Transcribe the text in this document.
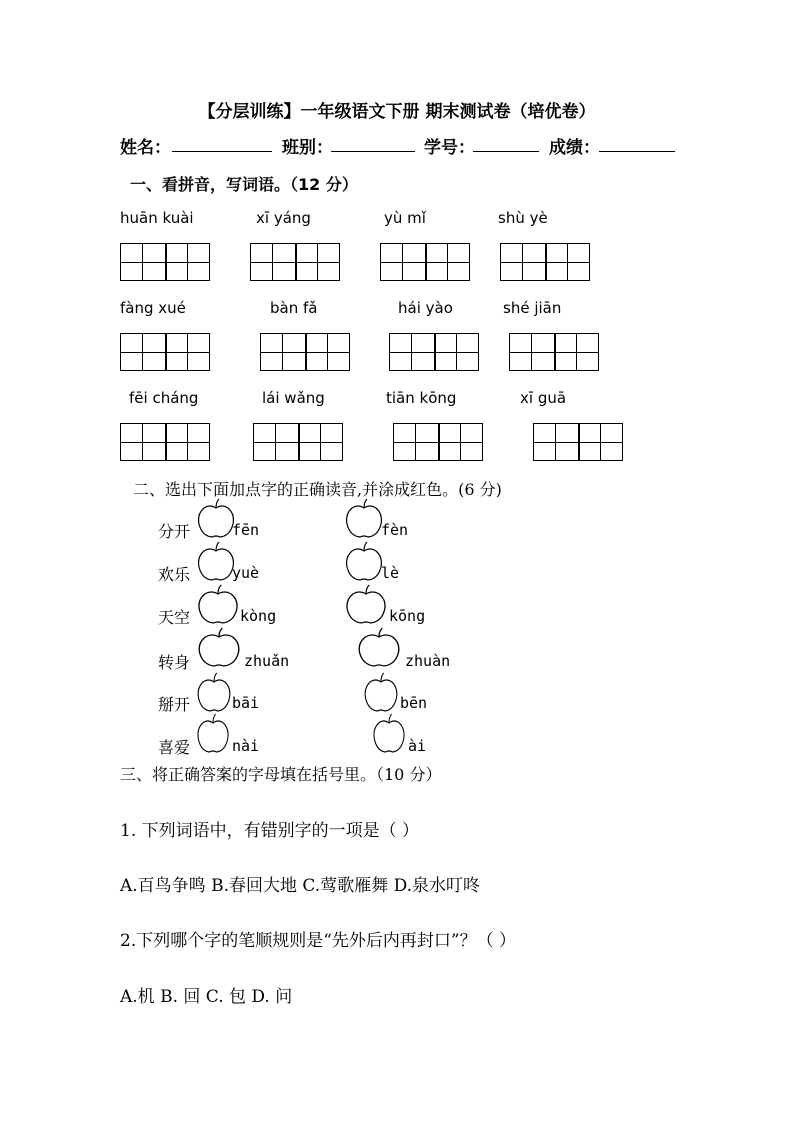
【分层训练】一年级语文下册 期末测试卷（培优卷）
姓名：	班别：	学号：	成绩：
一、看拼音，写词语。（12 分）
huān kuài	xī yáng	yù mǐ	shù yè
fàng xué	bàn fǎ	hái yào	shé jiān
fēi cháng	lái wǎng	tiān kōng	xī guā
二、选出下面加点字的正确读音,并涂成红色。(6 分)
分开	fēn	fèn
欢乐	yuè	lè
天空	kòng	kōng
转身	zhuǎn	zhuàn
掰开	bāi	bēn
喜爱	nài	ài
三、将正确答案的字母填在括号里。（10 分）
1. 下列词语中，有错别字的一项是（ ）
A.百鸟争鸣 B.春回大地 C.莺歌雁舞 D.泉水叮咚
2.下列哪个字的笔顺规则是“先外后内再封口”？（ ）
A.机 B. 回 C. 包 D. 问
